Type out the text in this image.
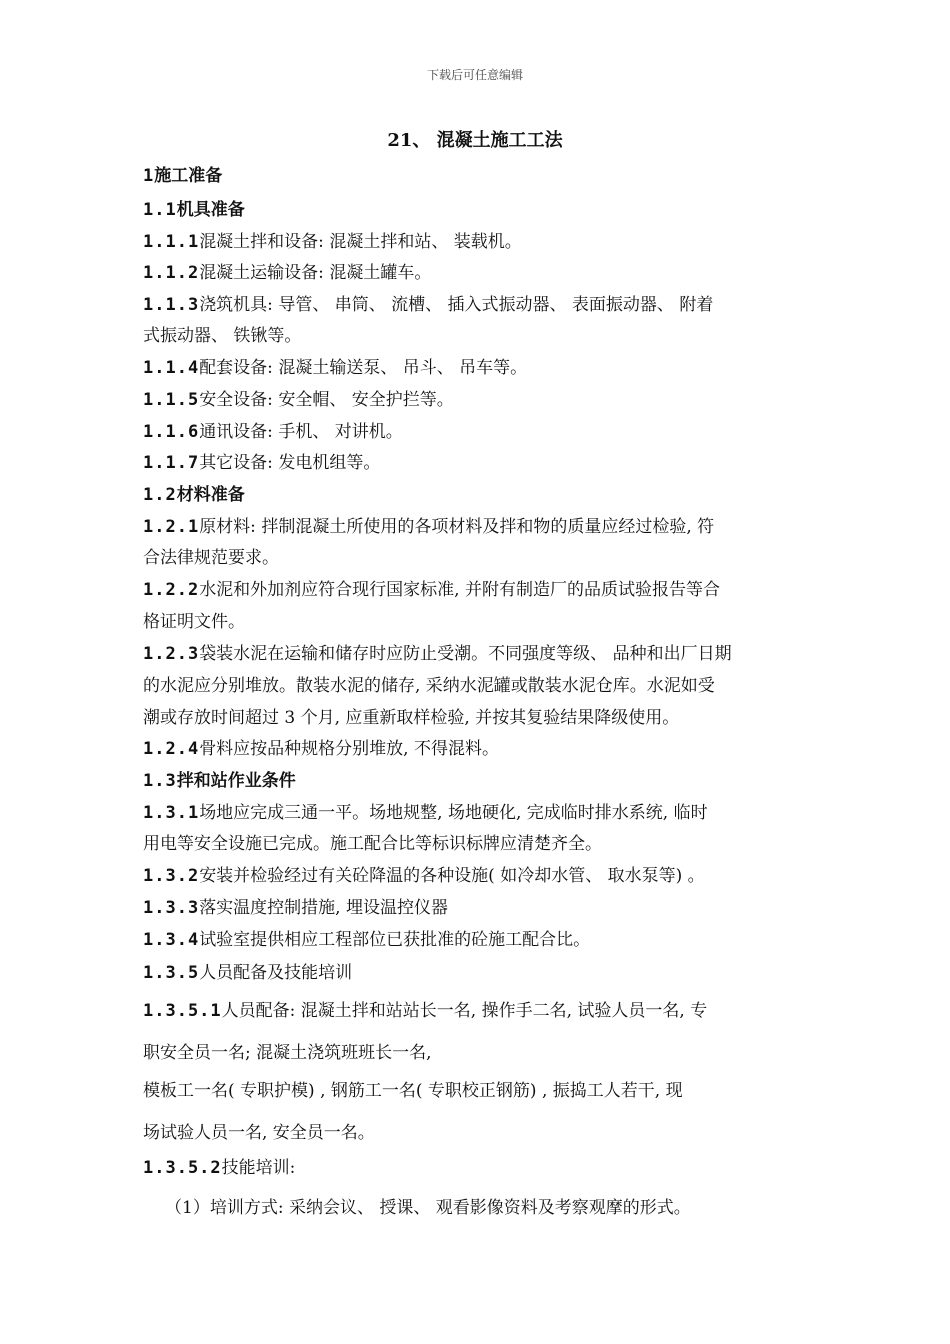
下载后可任意编辑
21、 混凝土施工工法
1施工准备
1.1机具准备
1.1.1混凝土拌和设备: 混凝土拌和站、 装载机。
1.1.2混凝土运输设备: 混凝土罐车。
1.1.3浇筑机具: 导管、 串筒、 流槽、 插入式振动器、 表面振动器、 附着
式振动器、 铁锹等。
1.1.4配套设备: 混凝土输送泵、 吊斗、 吊车等。
1.1.5安全设备: 安全帽、 安全护拦等。
1.1.6通讯设备: 手机、 对讲机。
1.1.7其它设备: 发电机组等。
1.2材料准备
1.2.1原材料: 拌制混凝土所使用的各项材料及拌和物的质量应经过检验, 符
合法律规范要求。
1.2.2水泥和外加剂应符合现行国家标准, 并附有制造厂的品质试验报告等合
格证明文件。
1.2.3袋装水泥在运输和储存时应防止受潮。不同强度等级、 品种和出厂日期
的水泥应分别堆放。散装水泥的储存, 采纳水泥罐或散装水泥仓库。水泥如受
潮或存放时间超过 3 个月, 应重新取样检验, 并按其复验结果降级使用。
1.2.4骨料应按品种规格分别堆放, 不得混料。
1.3拌和站作业条件
1.3.1场地应完成三通一平。场地规整, 场地硬化, 完成临时排水系统, 临时
用电等安全设施已完成。施工配合比等标识标牌应清楚齐全。
1.3.2安装并检验经过有关砼降温的各种设施( 如冷却水管、 取水泵等) 。
1.3.3落实温度控制措施, 埋设温控仪器
1.3.4试验室提供相应工程部位已获批准的砼施工配合比。
1.3.5人员配备及技能培训
1.3.5.1人员配备: 混凝土拌和站站长一名, 操作手二名, 试验人员一名, 专
职安全员一名; 混凝土浇筑班班长一名,
模板工一名( 专职护模) , 钢筋工一名( 专职校正钢筋) , 振捣工人若干, 现
场试验人员一名, 安全员一名。
1.3.5.2技能培训:
（1）培训方式: 采纳会议、 授课、 观看影像资料及考察观摩的形式。
